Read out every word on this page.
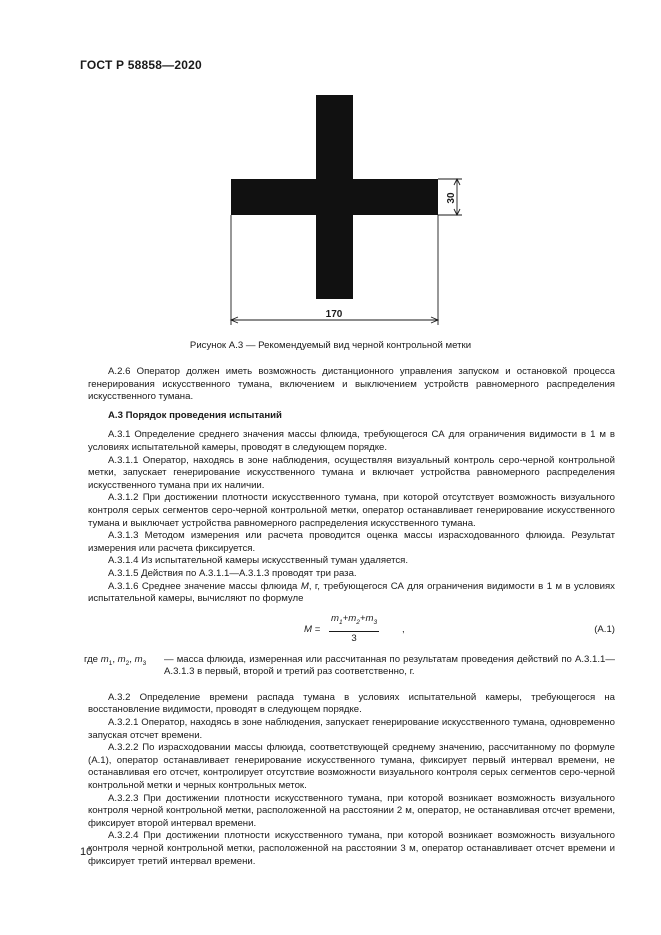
ГОСТ Р 58858—2020
30
170
Рисунок А.3 — Рекомендуемый вид черной контрольной метки

А.2.6 Оператор должен иметь возможность дистанционного управления запуском и остановкой процесса генерирования искусственного тумана, включением и выключением устройств равномерного распределения искусственного тумана.

А.3 Порядок проведения испытаний

А.3.1 Определение среднего значения массы флюида, требующегося СА для ограничения видимости в 1 м в условиях испытательной камеры, проводят в следующем порядке.

А.3.1.1 Оператор, находясь в зоне наблюдения, осуществляя визуальный контроль серо-черной контрольной метки, запускает генерирование искусственного тумана и включает устройства равномерного распределения искусственного тумана при их наличии.

А.3.1.2 При достижении плотности искусственного тумана, при которой отсутствует возможность визуального контроля серых сегментов серо-черной контрольной метки, оператор останавливает генерирование искусственного тумана и выключает устройства равномерного распределения искусственного тумана.

А.3.1.3 Методом измерения или расчета проводится оценка массы израсходованного флюида. Результат измерения или расчета фиксируется.

А.3.1.4 Из испытательной камеры искусственный туман удаляется.

А.3.1.5 Действия по А.3.1.1—А.3.1.3 проводят три раза.

А.3.1.6 Среднее значение массы флюида M, г, требующегося СА для ограничения видимости в 1 м в условиях испытательной камеры, вычисляют по формуле

$M = \frac{m_1+m_2+m_3}{3}$ ,	(А.1)
где $m_1$, $m_2$, $m_3$	— масса флюида, измеренная или рассчитанная по результатам проведения действий по А.3.1.1—А.3.1.3 в первый, второй и третий раз соответственно, г.

А.3.2 Определение времени распада тумана в условиях испытательной камеры, требующегося на восстановление видимости, проводят в следующем порядке.

А.3.2.1 Оператор, находясь в зоне наблюдения, запускает генерирование искусственного тумана, одновременно запуская отсчет времени.

А.3.2.2 По израсходовании массы флюида, соответствующей среднему значению, рассчитанному по формуле (А.1), оператор останавливает генерирование искусственного тумана, фиксирует первый интервал времени, не останавливая его отсчет, контролирует отсутствие возможности визуального контроля серых сегментов серо-черной контрольной метки и черных контрольных меток.

А.3.2.3 При достижении плотности искусственного тумана, при которой возникает возможность визуального контроля черной контрольной метки, расположенной на расстоянии 2 м, оператор, не останавливая отсчет времени, фиксирует второй интервал времени.

А.3.2.4 При достижении плотности искусственного тумана, при которой возникает возможность визуального контроля черной контрольной метки, расположенной на расстоянии 3 м, оператор останавливает отсчет времени и фиксирует третий интервал времени.

10
